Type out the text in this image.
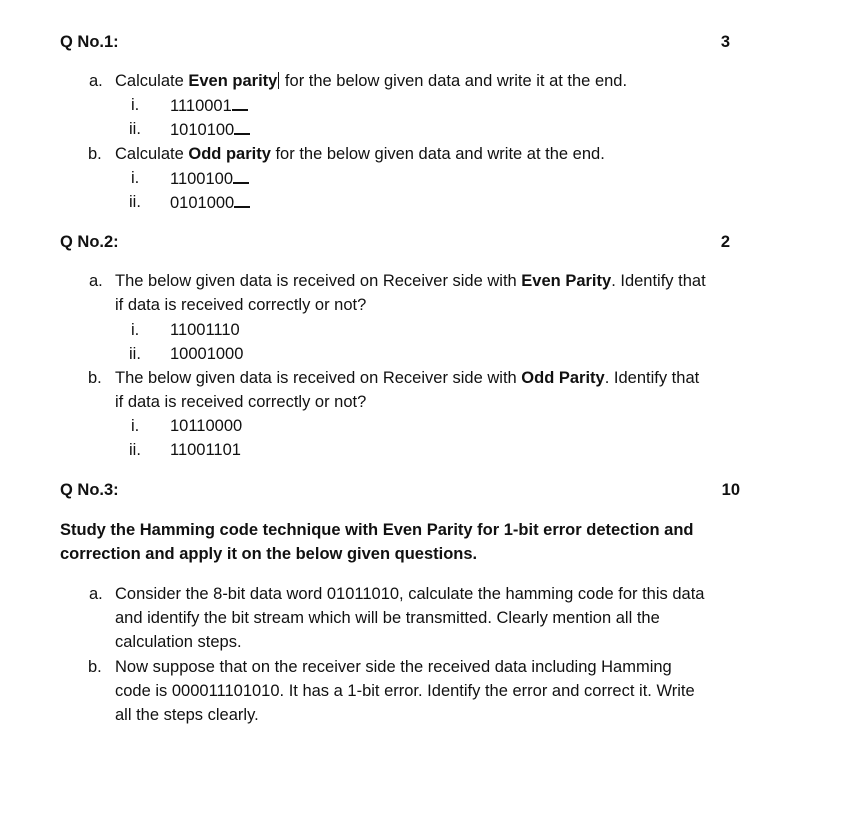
Q No.1:	3
a. Calculate Even parity for the below given data and write it at the end.
i. 1110001
ii. 1010100
b. Calculate Odd parity for the below given data and write at the end.
i. 1100100
ii. 0101000
Q No.2:	2
a. The below given data is received on Receiver side with Even Parity. Identify that
if data is received correctly or not?
i. 11001110
ii. 10001000
b. The below given data is received on Receiver side with Odd Parity. Identify that
if data is received correctly or not?
i. 10110000
ii. 11001101
Q No.3:	10
Study the Hamming code technique with Even Parity for 1-bit error detection and
correction and apply it on the below given questions.
a. Consider the 8-bit data word 01011010, calculate the hamming code for this data
and identify the bit stream which will be transmitted. Clearly mention all the
calculation steps.
b. Now suppose that on the receiver side the received data including Hamming
code is 000011101010. It has a 1-bit error. Identify the error and correct it. Write
all the steps clearly.
